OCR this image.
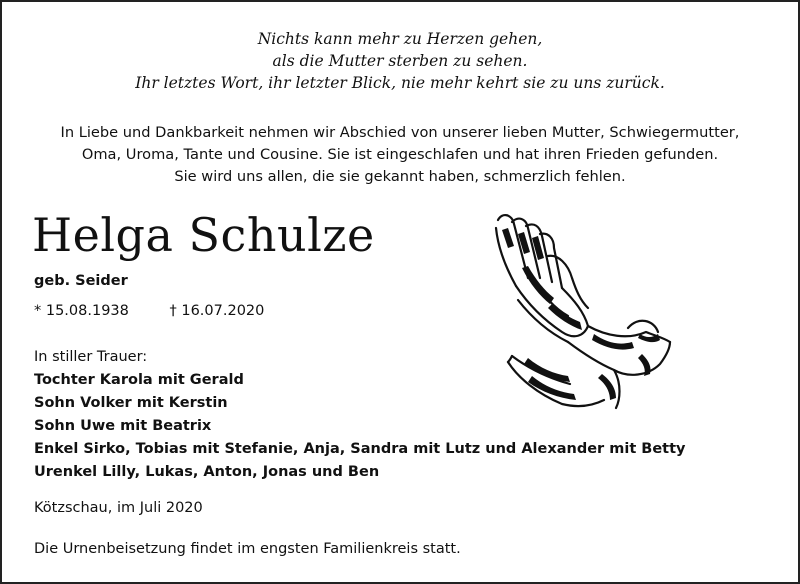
Nichts kann mehr zu Herzen gehen,
als die Mutter sterben zu sehen.
Ihr letztes Wort, ihr letzter Blick, nie mehr kehrt sie zu uns zurück.
In Liebe und Dankbarkeit nehmen wir Abschied von unserer lieben Mutter, Schwiegermutter,
Oma, Uroma, Tante und Cousine. Sie ist eingeschlafen und hat ihren Frieden gefunden.
Sie wird uns allen, die sie gekannt haben, schmerzlich fehlen.
Helga Schulze
geb. Seider
* 15.08.1938	† 16.07.2020
In stiller Trauer:
Tochter Karola mit Gerald
Sohn Volker mit Kerstin
Sohn Uwe mit Beatrix
Enkel Sirko, Tobias mit Stefanie, Anja, Sandra mit Lutz und Alexander mit Betty
Urenkel Lilly, Lukas, Anton, Jonas und Ben
Kötzschau, im Juli 2020
Die Urnenbeisetzung findet im engsten Familienkreis statt.
